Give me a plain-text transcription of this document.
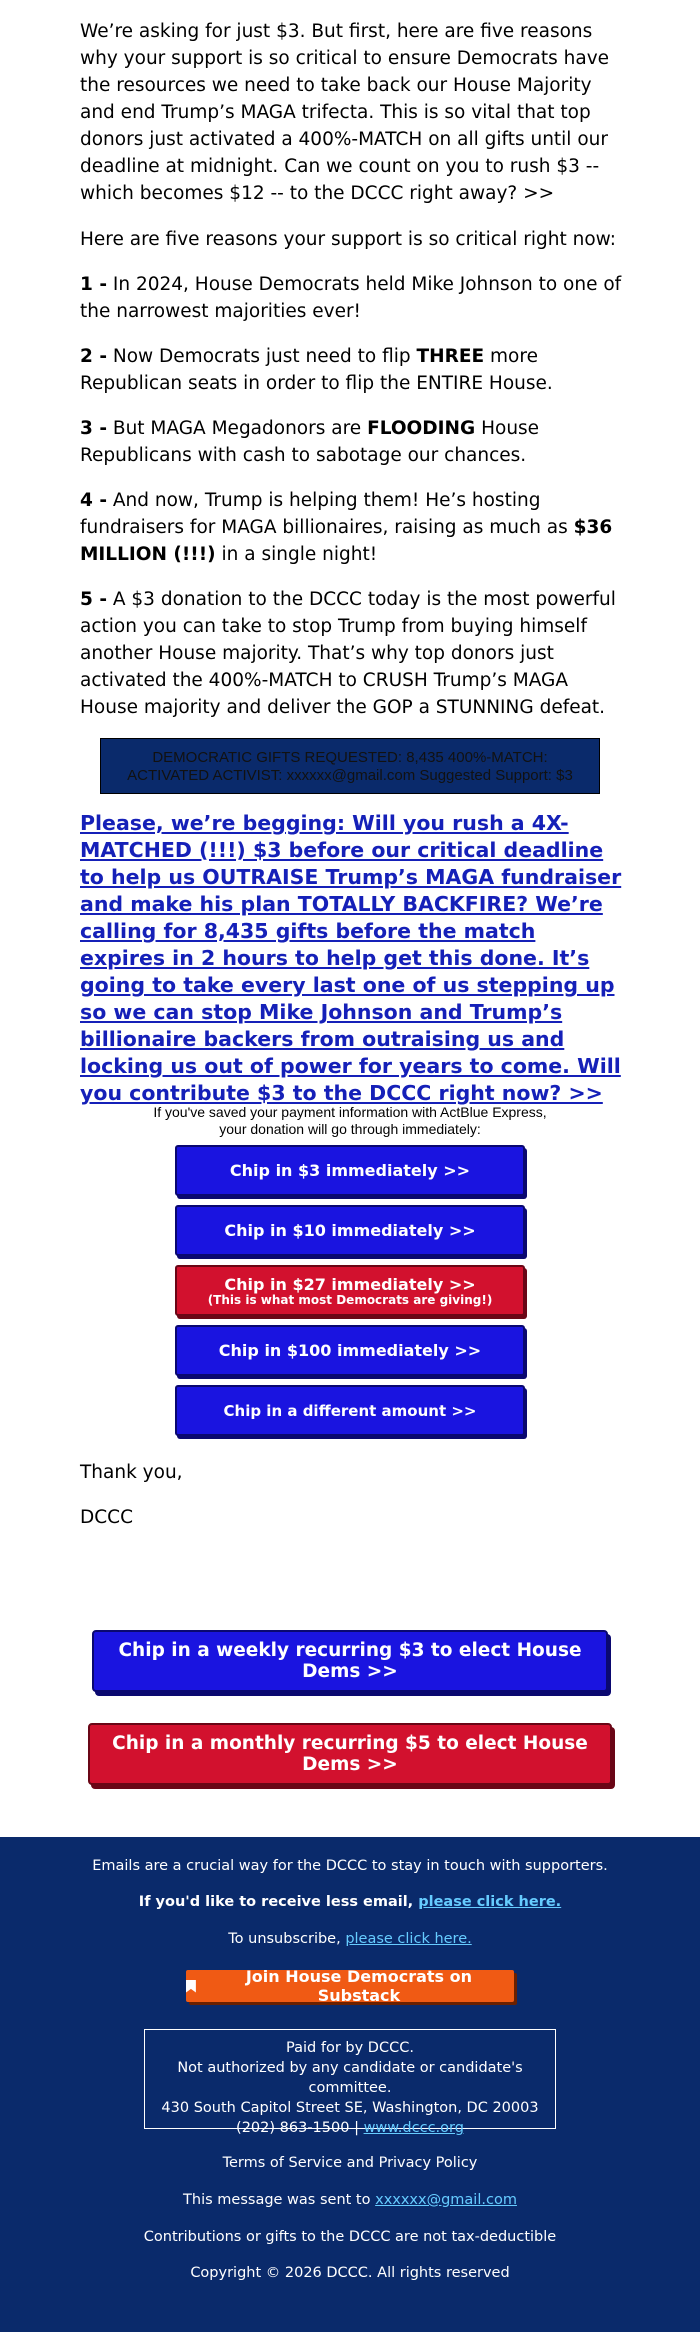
We’re asking for just $3. But first, here are five reasons why your support is so critical to ensure Democrats have the resources we need to take back our House Majority and end Trump’s MAGA trifecta. This is so vital that top donors just activated a 400%-MATCH on all gifts until our deadline at midnight. Can we count on you to rush $3 -- which becomes $12 -- to the DCCC right away? >>

Here are five reasons your support is so critical right now:

1 - In 2024, House Democrats held Mike Johnson to one of the narrowest majorities ever!

2 - Now Democrats just need to flip THREE more Republican seats in order to flip the ENTIRE House.

3 - But MAGA Megadonors are FLOODING House Republicans with cash to sabotage our chances.

4 - And now, Trump is helping them! He’s hosting fundraisers for MAGA billionaires, raising as much as $36 MILLION (!!!) in a single night!

5 - A $3 donation to the DCCC today is the most powerful action you can take to stop Trump from buying himself another House majority. That’s why top donors just activated the 400%-MATCH to CRUSH Trump’s MAGA House majority and deliver the GOP a STUNNING defeat.

DEMOCRATIC GIFTS REQUESTED: 8,435 400%-MATCH:
ACTIVATED ACTIVIST: xxxxxx@gmail.com Suggested Support: $3

Please, we’re begging: Will you rush a 4X-MATCHED (!!!) $3 before our critical deadline to help us OUTRAISE Trump’s MAGA fundraiser and make his plan TOTALLY BACKFIRE? We’re calling for 8,435 gifts before the match expires in 2 hours to help get this done. It’s going to take every last one of us stepping up so we can stop Mike Johnson and Trump’s billionaire backers from outraising us and locking us out of power for years to come. Will you contribute $3 to the DCCC right now? >>

If you've saved your payment information with ActBlue Express,
your donation will go through immediately:
Chip in $3 immediately >>
Chip in $10 immediately >>
Chip in $27 immediately >>
(This is what most Democrats are giving!)
Chip in $100 immediately >>
Chip in a different amount >>

Thank you,

DCCC

Chip in a weekly recurring $3 to elect House Dems >>
Chip in a monthly recurring $5 to elect House Dems >>
Emails are a crucial way for the DCCC to stay in touch with supporters.
If you'd like to receive less email, please click here.
To unsubscribe, please click here.
Join House Democrats on Substack
Paid for by DCCC.
Not authorized by any candidate or candidate's committee.
430 South Capitol Street SE, Washington, DC 20003
(202) 863-1500 | www.dccc.org
Terms of Service and Privacy Policy
This message was sent to xxxxxx@gmail.com
Contributions or gifts to the DCCC are not tax-deductible
Copyright © 2026 DCCC. All rights reserved
